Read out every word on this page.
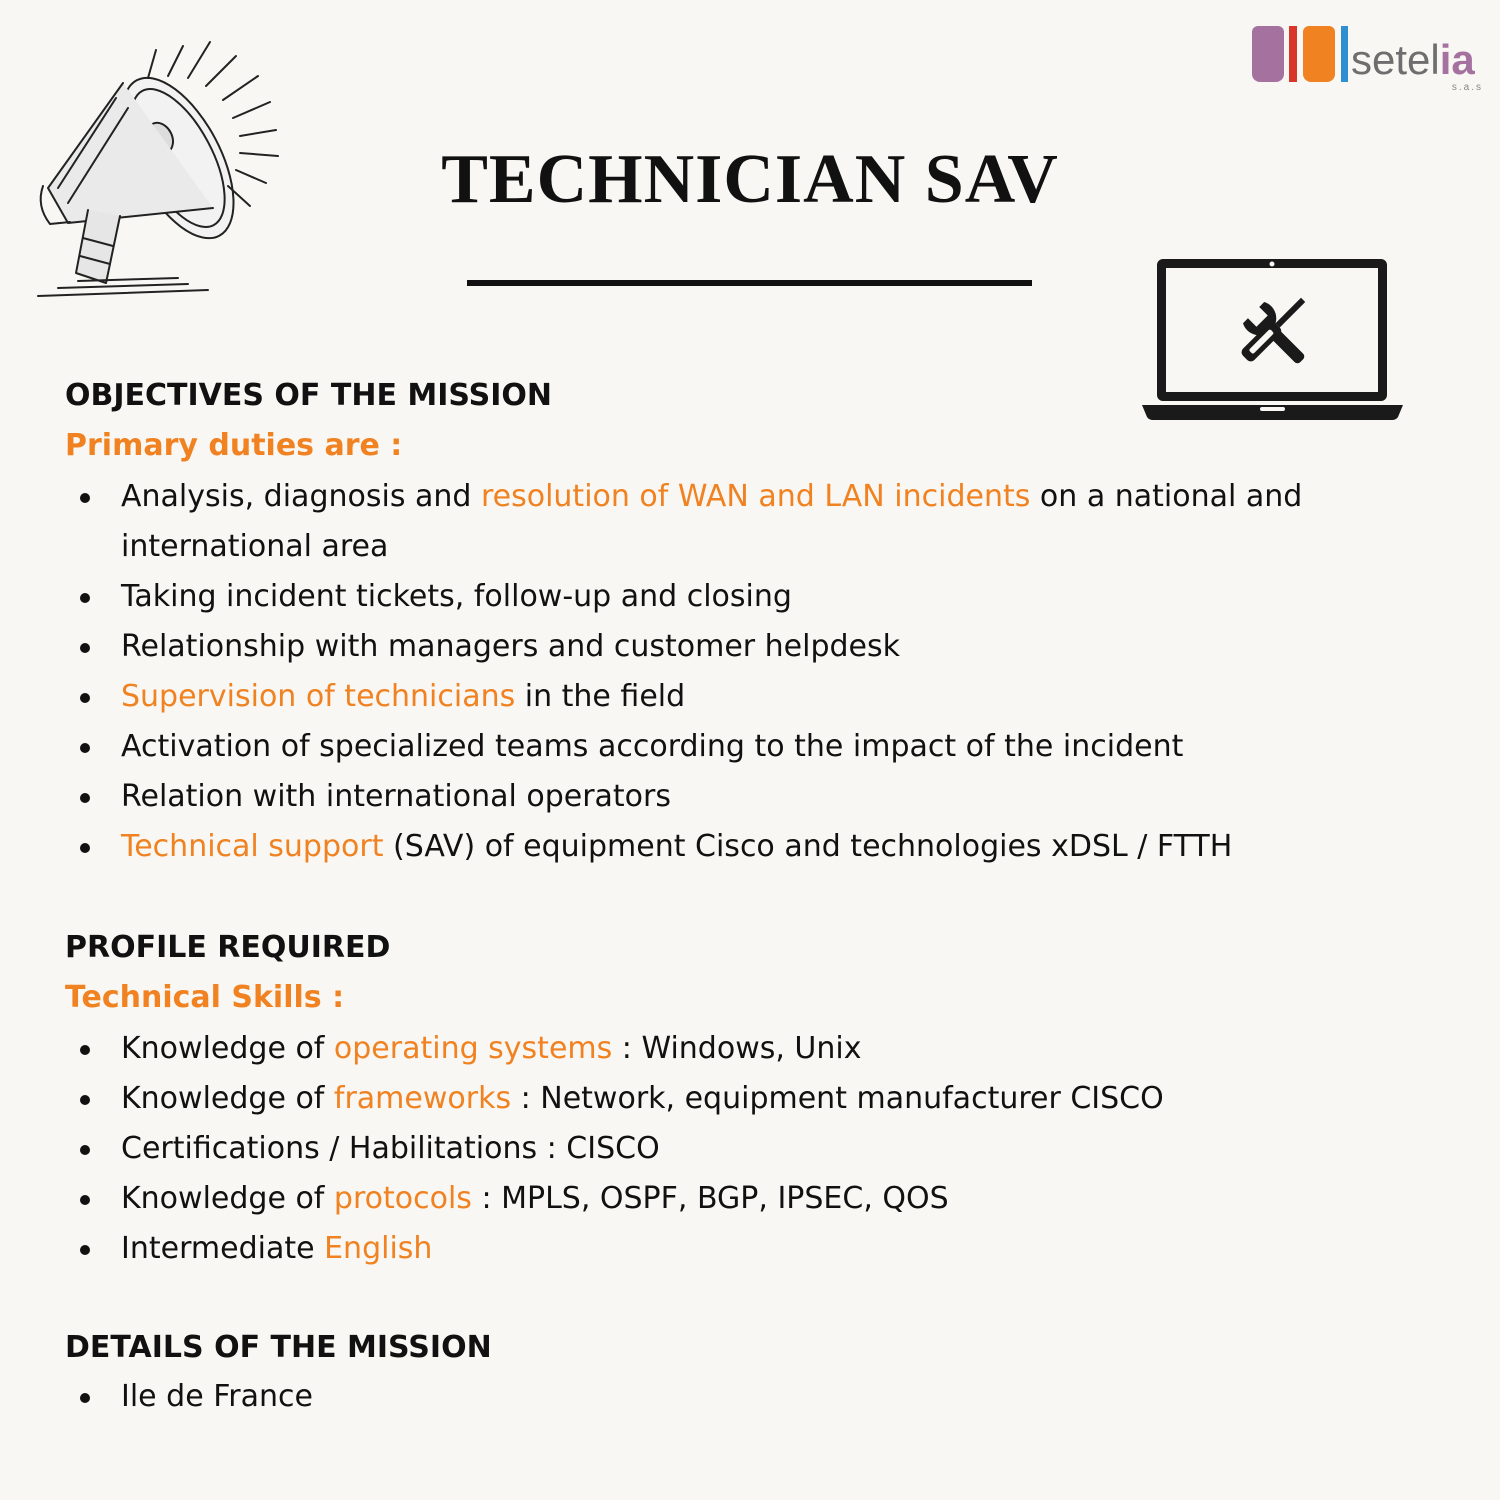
setelia
s.a.s
TECHNICIAN SAV
OBJECTIVES OF THE MISSION
Primary duties are :
Analysis, diagnosis and resolution of WAN and LAN incidents on a national and international area
Taking incident tickets, follow-up and closing
Relationship with managers and customer helpdesk
Supervision of technicians in the field
Activation of specialized teams according to the impact of the incident
Relation with international operators
Technical support (SAV) of equipment Cisco and technologies xDSL / FTTH
PROFILE REQUIRED
Technical Skills :
Knowledge of operating systems : Windows, Unix
Knowledge of frameworks : Network, equipment manufacturer CISCO
Certifications / Habilitations : CISCO
Knowledge of protocols : MPLS, OSPF, BGP, IPSEC, QOS
Intermediate English
DETAILS OF THE MISSION
Ile de France
